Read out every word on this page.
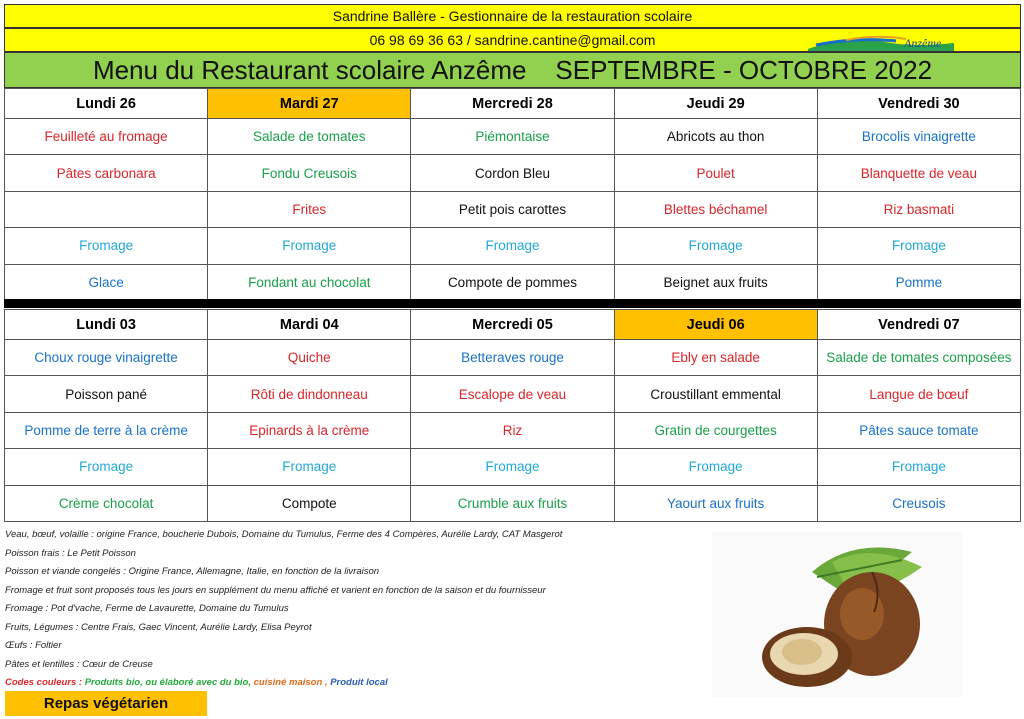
Sandrine Ballère - Gestionnaire de la restauration scolaire
06 98 69 36 63 / sandrine.cantine@gmail.com	Anzême
Menu du Restaurant scolaire Anzême    SEPTEMBRE - OCTOBRE 2022
Lundi 26	Mardi 27	Mercredi 28	Jeudi 29	Vendredi 30
Feuilleté au fromage	Salade de tomates	Piémontaise	Abricots au thon	Brocolis vinaigrette
Pâtes carbonara	Fondu Creusois	Cordon Bleu	Poulet	Blanquette de veau
	Frites	Petit pois carottes	Blettes béchamel	Riz basmati
Fromage	Fromage	Fromage	Fromage	Fromage
Glace	Fondant au chocolat	Compote de pommes	Beignet aux fruits	Pomme
Lundi 03	Mardi 04	Mercredi 05	Jeudi 06	Vendredi 07
Choux rouge vinaigrette	Quiche	Betteraves rouge	Ebly en salade	Salade de tomates composées
Poisson pané	Rôti de dindonneau	Escalope de veau	Croustillant emmental	Langue de bœuf
Pomme de terre à la crème	Epinards à la crème	Riz	Gratin de courgettes	Pâtes sauce tomate
Fromage	Fromage	Fromage	Fromage	Fromage
Crème chocolat	Compote	Crumble aux fruits	Yaourt aux fruits	Creusois

Veau, bœuf, volaille : origine France, boucherie Dubois, Domaine du Tumulus, Ferme des 4 Compères, Aurélie Lardy, CAT Masgerot

Poisson frais : Le Petit Poisson

Poisson et viande congelés : Origine France, Allemagne, Italie, en fonction de la livraison

Fromage et fruit sont proposés tous les jours en supplément du menu affiché et varient en fonction de la saison et du fournisseur

Fromage : Pot d'vache, Ferme de Lavaurette, Domaine du Tumulus

Fruits, Légumes : Centre Frais, Gaec Vincent, Aurélie Lardy, Elisa Peyrot

Œufs : Foltier

Pâtes et lentilles : Cœur de Creuse

Codes couleurs : Produits bio, ou élaboré avec du bio, cuisiné maison , Produit local

Repas végétarien
